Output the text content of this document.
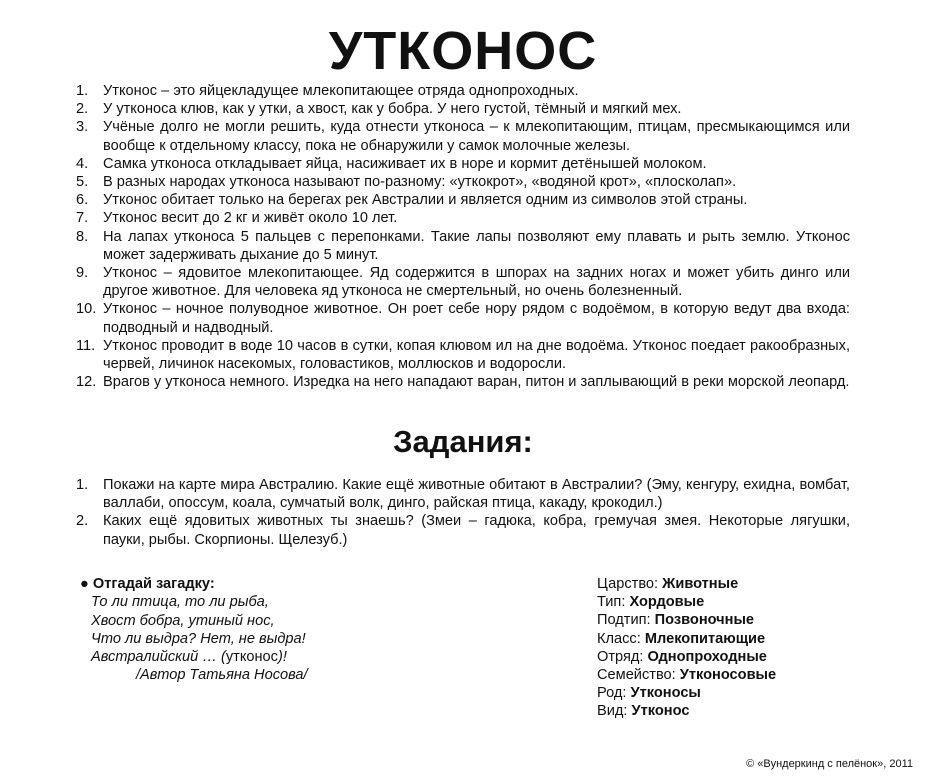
УТКОНОС
1. Утконос – это яйцекладущее млекопитающее отряда однопроходных.
2. У утконоса клюв, как у утки, а хвост, как у бобра. У него густой, тёмный и мягкий мех.
3. Учёные долго не могли решить, куда отнести утконоса – к млекопитающим, птицам, пресмыкающимся или вообще к отдельному классу, пока не обнаружили у самок молочные железы.
4. Самка утконоса откладывает яйца, насиживает их в норе и кормит детёнышей молоком.
5. В разных народах утконоса называют по-разному: «уткокрот», «водяной крот», «плосколап».
6. Утконос обитает только на берегах рек Австралии и является одним из символов этой страны.
7. Утконос весит до 2 кг и живёт около 10 лет.
8. На лапах утконоса 5 пальцев с перепонками. Такие лапы позволяют ему плавать и рыть землю. Утконос может задерживать дыхание до 5 минут.
9. Утконос – ядовитое млекопитающее. Яд содержится в шпорах на задних ногах и может убить динго или другое животное. Для человека яд утконоса не смертельный, но очень болезненный.
10. Утконос – ночное полуводное животное. Он роет себе нору рядом с водоёмом, в которую ведут два входа: подводный и надводный.
11. Утконос проводит в воде 10 часов в сутки, копая клювом ил на дне водоёма. Утконос поедает ракообразных, червей, личинок насекомых, головастиков, моллюсков и водоросли.
12. Врагов у утконоса немного. Изредка на него нападают варан, питон и заплывающий в реки морской леопард.
Задания:
1. Покажи на карте мира Австралию. Какие ещё животные обитают в Австралии? (Эму, кенгуру, ехидна, вомбат, валлаби, опоссум, коала, сумчатый волк, динго, райская птица, какаду, крокодил.)
2. Каких ещё ядовитых животных ты знаешь? (Змеи – гадюка, кобра, гремучая змея. Некоторые лягушки, пауки, рыбы. Скорпионы. Щелезуб.)
● Отгадай загадку:
То ли птица, то ли рыба,
Хвост бобра, утиный нос,
Что ли выдра? Нет, не выдра!
Австралийский … (утконос)!
/Автор Татьяна Носова/
Царство: Животные
Тип: Хордовые
Подтип: Позвоночные
Класс: Млекопитающие
Отряд: Однопроходные
Семейство: Утконосовые
Род: Утконосы
Вид: Утконос
© «Вундеркинд с пелёнок», 2011
